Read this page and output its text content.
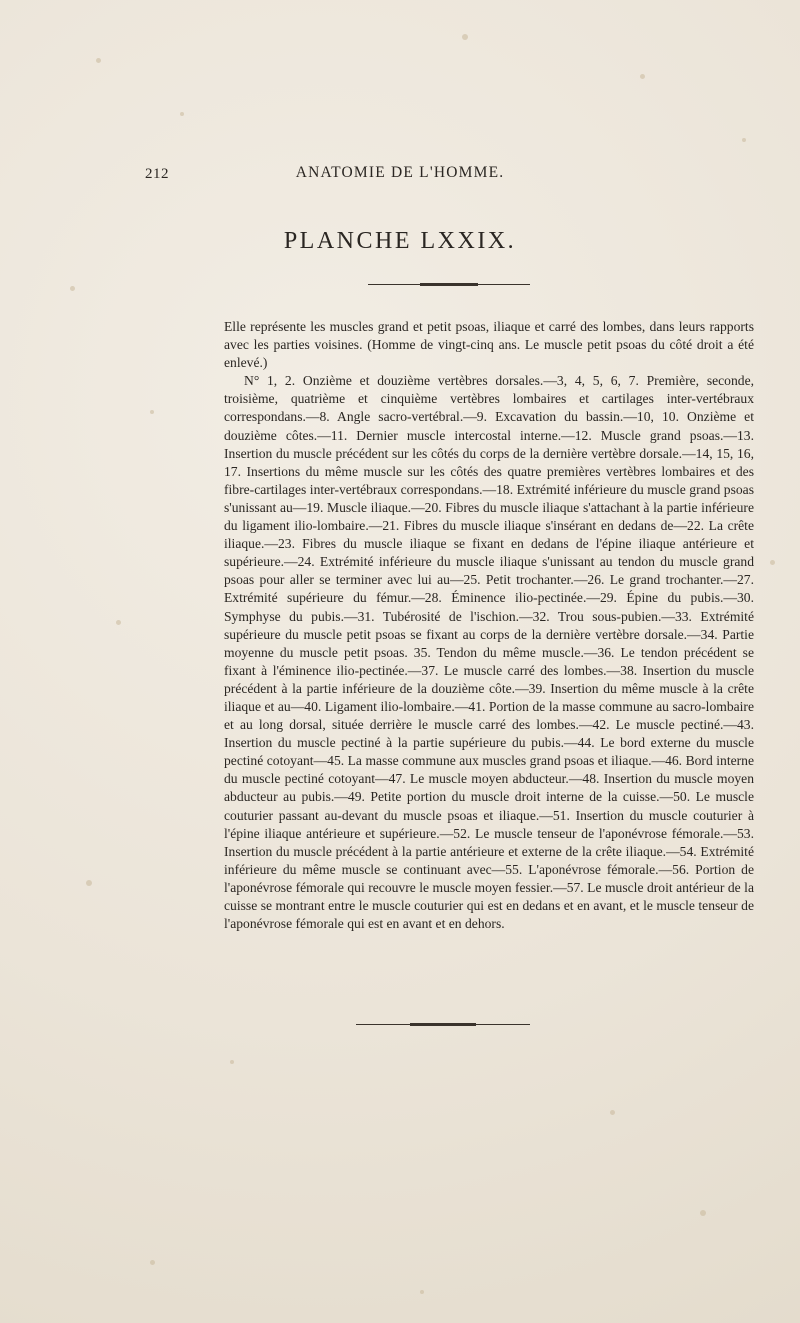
212	ANATOMIE DE L'HOMME.
PLANCHE LXXIX.

Elle représente les muscles grand et petit psoas, iliaque et carré des lombes, dans leurs rapports avec les parties voisines. (Homme de vingt-cinq ans. Le muscle petit psoas du côté droit a été enlevé.)

N° 1, 2. Onzième et douzième vertèbres dorsales.—3, 4, 5, 6, 7. Première, seconde, troisième, quatrième et cinquième vertèbres lombaires et cartilages inter-vertébraux correspondans.—8. Angle sacro-vertébral.—9. Excavation du bassin.—10, 10. Onzième et douzième côtes.—11. Dernier muscle intercostal interne.—12. Muscle grand psoas.—13. Insertion du muscle précédent sur les côtés du corps de la dernière vertèbre dorsale.—14, 15, 16, 17. Insertions du même muscle sur les côtés des quatre premières vertèbres lombaires et des fibre-cartilages inter-vertébraux correspondans.—18. Extrémité inférieure du muscle grand psoas s'unissant au—19. Muscle iliaque.—20. Fibres du muscle iliaque s'attachant à la partie inférieure du ligament ilio-lombaire.—21. Fibres du muscle iliaque s'insérant en dedans de—22. La crête iliaque.—23. Fibres du muscle iliaque se fixant en dedans de l'épine iliaque antérieure et supérieure.—24. Extrémité inférieure du muscle iliaque s'unissant au tendon du muscle grand psoas pour aller se terminer avec lui au—25. Petit trochanter.—26. Le grand trochanter.—27. Extrémité supérieure du fémur.—28. Éminence ilio-pectinée.—29. Épine du pubis.—30. Symphyse du pubis.—31. Tubérosité de l'ischion.—32. Trou sous-pubien.—33. Extrémité supérieure du muscle petit psoas se fixant au corps de la dernière vertèbre dorsale.—34. Partie moyenne du muscle petit psoas. 35. Tendon du même muscle.—36. Le tendon précédent se fixant à l'éminence ilio-pectinée.—37. Le muscle carré des lombes.—38. Insertion du muscle précédent à la partie inférieure de la douzième côte.—39. Insertion du même muscle à la crête iliaque et au—40. Ligament ilio-lombaire.—41. Portion de la masse commune au sacro-lombaire et au long dorsal, située derrière le muscle carré des lombes.—42. Le muscle pectiné.—43. Insertion du muscle pectiné à la partie supérieure du pubis.—44. Le bord externe du muscle pectiné cotoyant—45. La masse commune aux muscles grand psoas et iliaque.—46. Bord interne du muscle pectiné cotoyant—47. Le muscle moyen abducteur.—48. Insertion du muscle moyen abducteur au pubis.—49. Petite portion du muscle droit interne de la cuisse.—50. Le muscle couturier passant au-devant du muscle psoas et iliaque.—51. Insertion du muscle couturier à l'épine iliaque antérieure et supérieure.—52. Le muscle tenseur de l'aponévrose fémorale.—53. Insertion du muscle précédent à la partie antérieure et externe de la crête iliaque.—54. Extrémité inférieure du même muscle se continuant avec—55. L'aponévrose fémorale.—56. Portion de l'aponévrose fémorale qui recouvre le muscle moyen fessier.—57. Le muscle droit antérieur de la cuisse se montrant entre le muscle couturier qui est en dedans et en avant, et le muscle tenseur de l'aponévrose fémorale qui est en avant et en dehors.
